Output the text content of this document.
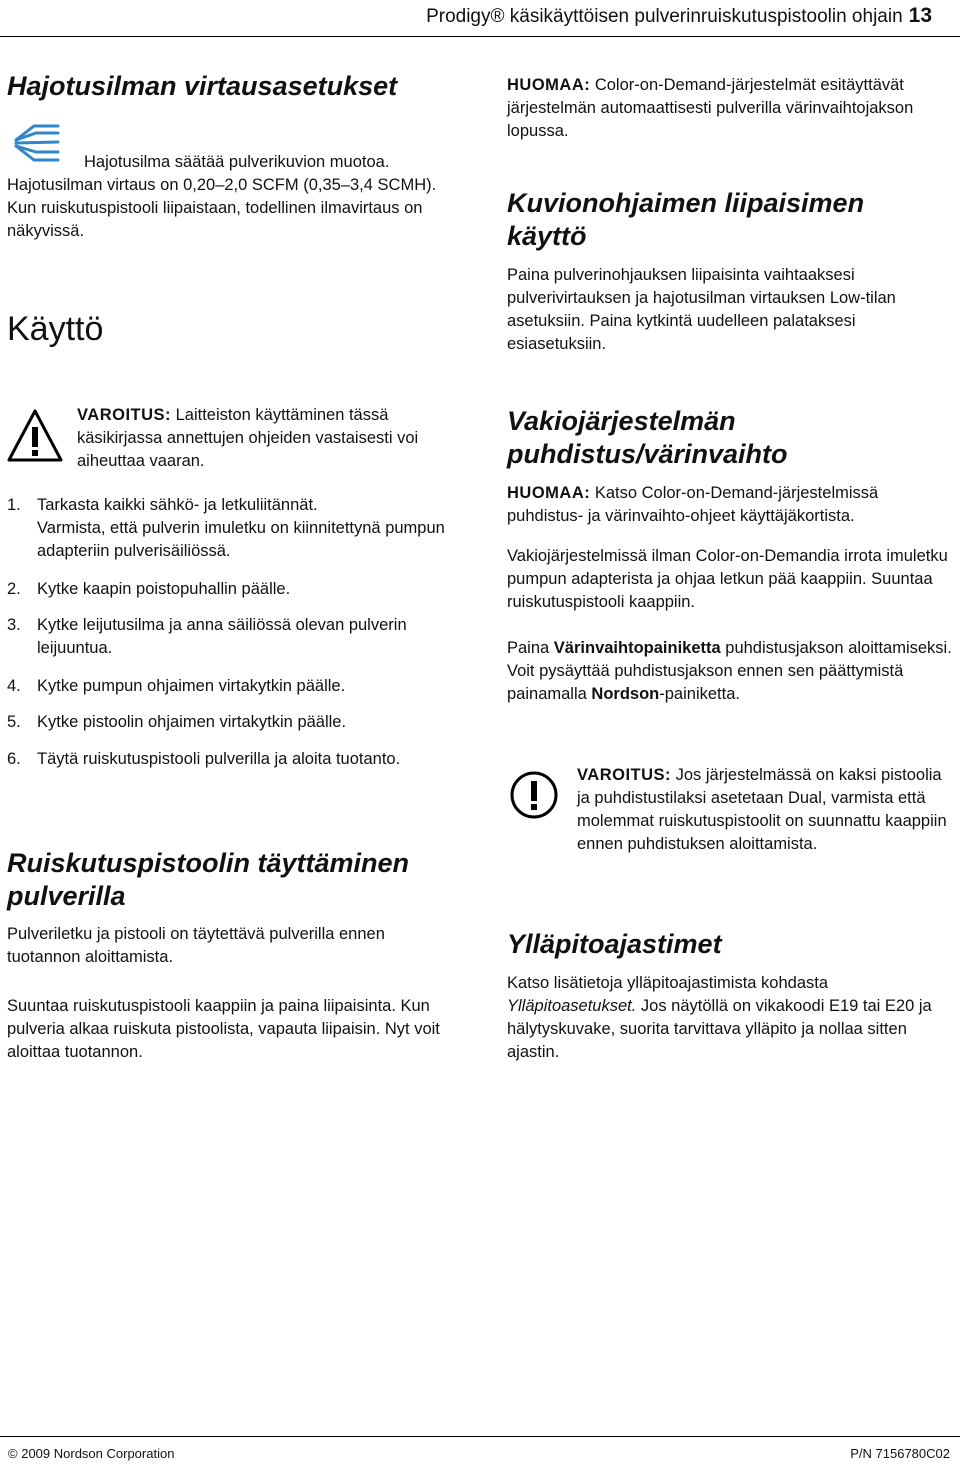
Prodigy® käsikäyttöisen pulverinruiskutuspistoolin ohjain 13
Hajotusilman virtausasetukset

Hajotusilma säätää pulverikuvion muotoa.

Hajotusilman virtaus on 0,20–2,0 SCFM (0,35–3,4 SCMH). Kun ruiskutuspistooli liipaistaan, todellinen ilmavirtaus on näkyvissä.

Käyttö

VAROITUS: Laitteiston käyttäminen tässä käsikirjassa annettujen ohjeiden vastaisesti voi aiheuttaa vaaran.

1. Tarkasta kaikki sähkö- ja letkuliitännät.
Varmista, että pulverin imuletku on kiinnitettynä pumpun adapteriin pulverisäiliössä.
2. Kytke kaapin poistopuhallin päälle.
3. Kytke leijutusilma ja anna säiliössä olevan pulverin leijuuntua.
4. Kytke pumpun ohjaimen virtakytkin päälle.
5. Kytke pistoolin ohjaimen virtakytkin päälle.
6. Täytä ruiskutuspistooli pulverilla ja aloita tuotanto.
Ruiskutuspistoolin täyttäminen pulverilla

Pulveriletku ja pistooli on täytettävä pulverilla ennen tuotannon aloittamista.

Suuntaa ruiskutuspistooli kaappiin ja paina liipaisinta. Kun pulveria alkaa ruiskuta pistoolista, vapauta liipaisin. Nyt voit aloittaa tuotannon.

HUOMAA: Color-on-Demand-järjestelmät esitäyttävät järjestelmän automaattisesti pulverilla värinvaihtojakson lopussa.

Kuvionohjaimen liipaisimen käyttö

Paina pulverinohjauksen liipaisinta vaihtaaksesi pulverivirtauksen ja hajotusilman virtauksen Low-tilan asetuksiin. Paina kytkintä uudelleen palataksesi esiasetuksiin.

Vakiojärjestelmän puhdistus/värinvaihto

HUOMAA: Katso Color-on-Demand-järjestelmissä puhdistus- ja värinvaihto-ohjeet käyttäjäkortista.

Vakiojärjestelmissä ilman Color-on-Demandia irrota imuletku pumpun adapterista ja ohjaa letkun pää kaappiin. Suuntaa ruiskutuspistooli kaappiin.

Paina Värinvaihtopainiketta puhdistusjakson aloittamiseksi. Voit pysäyttää puhdistusjakson ennen sen päättymistä painamalla Nordson-painiketta.

VAROITUS: Jos järjestelmässä on kaksi pistoolia ja puhdistustilaksi asetetaan Dual, varmista että molemmat ruiskutuspistoolit on suunnattu kaappiin ennen puhdistuksen aloittamista.

Ylläpitoajastimet

Katso lisätietoja ylläpitoajastimista kohdasta Ylläpitoasetukset. Jos näytöllä on vikakoodi E19 tai E20 ja hälytyskuvake, suorita tarvittava ylläpito ja nollaa sitten ajastin.

© 2009 Nordson Corporation	P/N 7156780C02
